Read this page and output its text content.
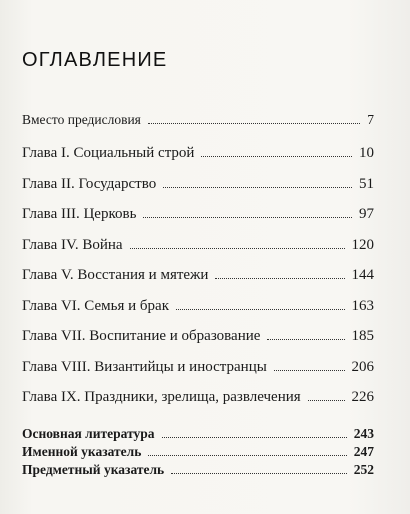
ОГЛАВЛЕНИЕ
Вместо предисловия	7
Глава I. Социальный строй	10
Глава II. Государство	51
Глава III. Церковь	97
Глава IV. Война	120
Глава V. Восстания и мятежи	144
Глава VI. Семья и брак	163
Глава VII. Воспитание и образование	185
Глава VIII. Византийцы и иностранцы	206
Глава IX. Праздники, зрелища, развлечения	226
Основная литература	243
Именной указатель	247
Предметный указатель	252
